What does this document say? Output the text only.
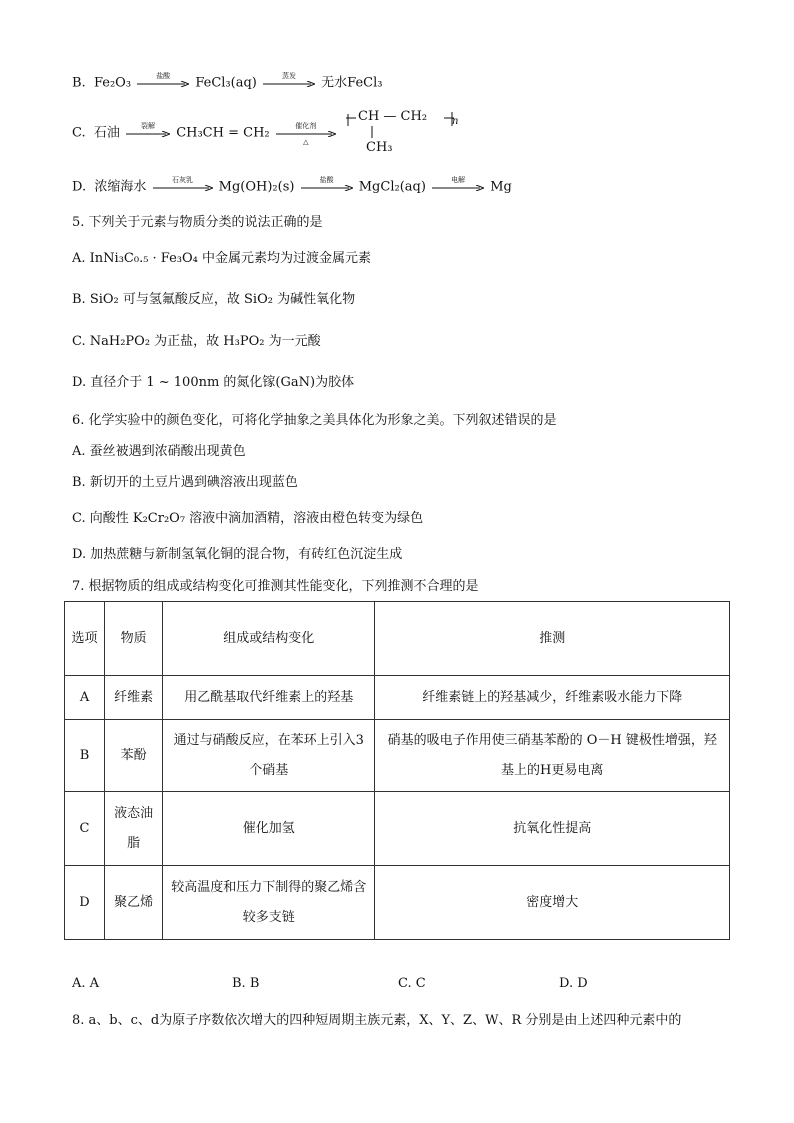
B. Fe₂O₃	盐酸	FeCl₃(aq)	蒸发	无水FeCl₃
C. 石油	裂解	CH₃CH = CH₂	催化剂
△
CH — CH₂ n
CH₃
D. 浓缩海水	石灰乳	Mg(OH)₂(s)	盐酸	MgCl₂(aq)	电解	Mg
5. 下列关于元素与物质分类的说法正确的是
A. InNi₃C₀.₅ · Fe₃O₄ 中金属元素均为过渡金属元素
B. SiO₂ 可与氢氟酸反应，故 SiO₂ 为碱性氧化物
C. NaH₂PO₂ 为正盐，故 H₃PO₂ 为一元酸
D. 直径介于 1 ~ 100nm 的氮化镓(GaN)为胶体
6. 化学实验中的颜色变化，可将化学抽象之美具体化为形象之美。下列叙述错误的是
A. 蚕丝被遇到浓硝酸出现黄色
B. 新切开的土豆片遇到碘溶液出现蓝色
C. 向酸性 K₂Cr₂O₇ 溶液中滴加酒精，溶液由橙色转变为绿色
D. 加热蔗糖与新制氢氧化铜的混合物，有砖红色沉淀生成
7. 根据物质的组成或结构变化可推测其性能变化，下列推测不合理的是
选项	物质	组成或结构变化	推测
A	纤维素	用乙酰基取代纤维素上的羟基	纤维素链上的羟基减少，纤维素吸水能力下降
B	苯酚	通过与硝酸反应，在苯环上引入3个硝基	硝基的吸电子作用使三硝基苯酚的 O－H 键极性增强，羟基上的H更易电离
C	液态油脂	催化加氢	抗氧化性提高
D	聚乙烯	较高温度和压力下制得的聚乙烯含较多支链	密度增大
A. A	B. B	C. C	D. D
8. a、b、c、d为原子序数依次增大的四种短周期主族元素，X、Y、Z、W、R 分别是由上述四种元素中的
